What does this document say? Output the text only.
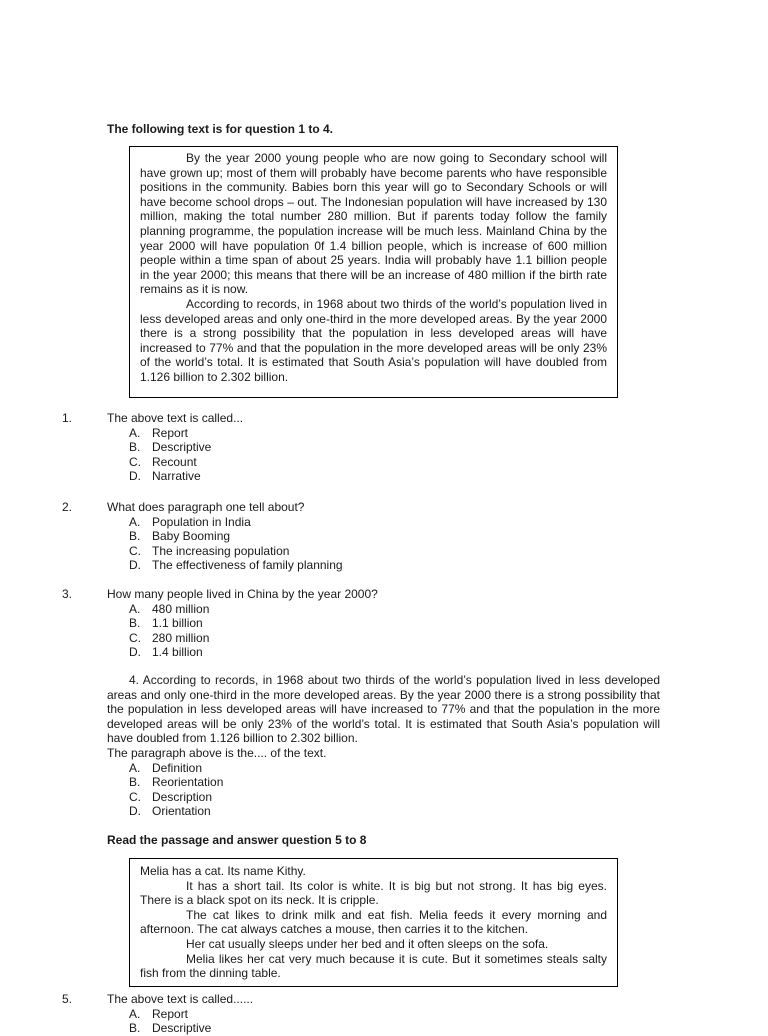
The following text is for question 1 to 4.

By the year 2000 young people who are now going to Secondary school will have grown up; most of them will probably have become parents who have responsible positions in the community. Babies born this year will go to Secondary Schools or will have become school drops – out. The Indonesian population will have increased by 130 million, making the total number 280 million. But if parents today follow the family planning programme, the population increase will be much less. Mainland China by the year 2000 will have population 0f 1.4 billion people, which is increase of 600 million people within a time span of about 25 years. India will probably have 1.1 billion people in the year 2000; this means that there will be an increase of 480 million if the birth rate remains as it is now.

According to records, in 1968 about two thirds of the world’s population lived in less developed areas and only one-third in the more developed areas. By the year 2000 there is a strong possibility that the population in less developed areas will have increased to 77% and that the population in the more developed areas will be only 23% of the world’s total. It is estimated that South Asia’s population will have doubled from 1.126 billion to 2.302 billion.

1.	The above text is called...
A. Report
B. Descriptive
C. Recount
D. Narrative
2.	What does paragraph one tell about?
A. Population in India
B. Baby Booming
C. The increasing population
D. The effectiveness of family planning
3.	How many people lived in China by the year 2000?
A. 480 million
B. 1.1 billion
C. 280 million
D. 1.4 billion

4. According to records, in 1968 about two thirds of the world’s population lived in less developed areas and only one-third in the more developed areas. By the year 2000 there is a strong possibility that the population in less developed areas will have increased to 77% and that the population in the more developed areas will be only 23% of the world’s total. It is estimated that South Asia’s population will have doubled from 1.126 billion to 2.302 billion.

The paragraph above is the.... of the text.

A. Definition
B. Reorientation
C. Description
D. Orientation

Read the passage and answer question 5 to 8

Melia has a cat. Its name Kithy.

It has a short tail. Its color is white. It is big but not strong. It has big eyes. There is a black spot on its neck. It is cripple.

The cat likes to drink milk and eat fish. Melia feeds it every morning and afternoon. The cat always catches a mouse, then carries it to the kitchen.

Her cat usually sleeps under her bed and it often sleeps on the sofa.

Melia likes her cat very much because it is cute. But it sometimes steals salty fish from the dinning table.

5.	The above text is called......
A. Report
B. Descriptive
